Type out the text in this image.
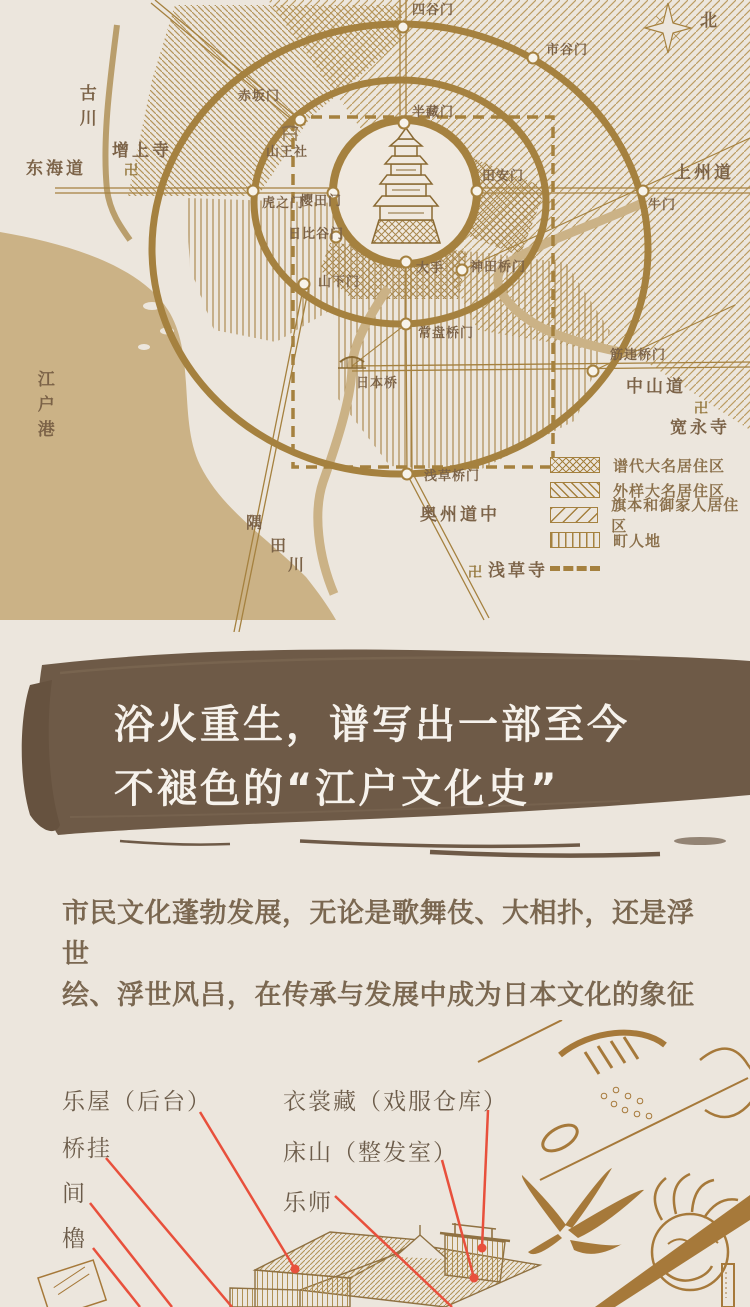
四谷门
市谷门
北
赤坂门
半藏门
山王社
增上寺
卍
东海道	上州道
牛门
田安门
虎之门
樱田门
日比谷门
山下门
大手 神田桥门
常盘桥门
日本桥
筋违桥门
中山道
卍
宽永寺
浅草桥门
奥州道中
卍 浅草寺
江户港
古川
隅
田
川
谱代大名居住区
外样大名居住区
旗本和御家人居住区
町人地
浴火重生，谱写出一部至今
不褪色的“江户文化史”

市民文化蓬勃发展，无论是歌舞伎、大相扑，还是浮世

绘、浮世风吕，在传承与发展中成为日本文化的象征

乐屋（后台）
桥挂
间
櫓
衣裳藏（戏服仓库）
床山（整发室）
乐师
